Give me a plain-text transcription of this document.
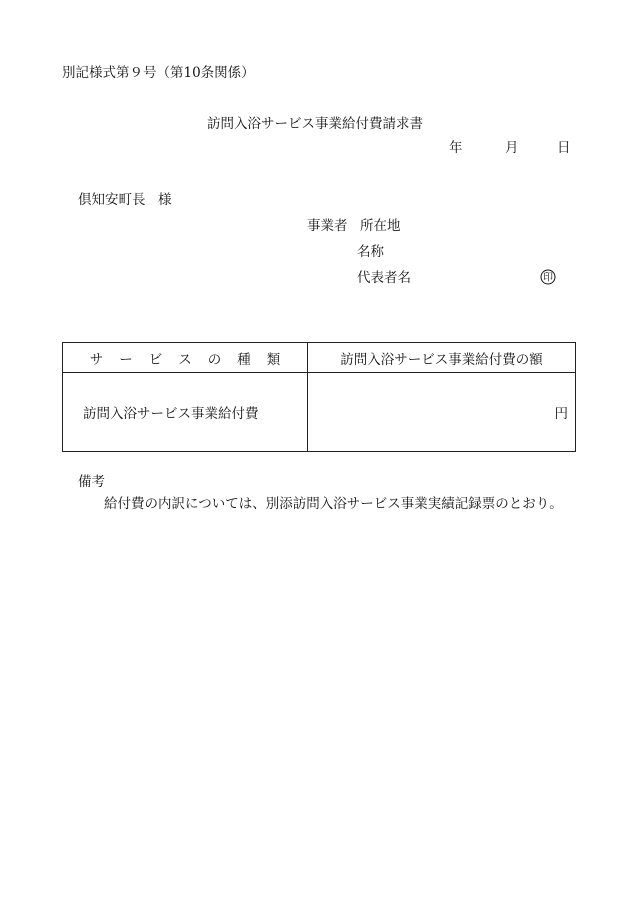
別記様式第９号（第10条関係）
訪問入浴サービス事業給付費請求書
年	月	日
倶知安町長 様
事業者 所在地
名称
代表者名	印
サービスの種類	訪問入浴サービス事業給付費の額
訪問入浴サービス事業給付費	円
備考
給付費の内訳については、別添訪問入浴サービス事業実績記録票のとおり。
